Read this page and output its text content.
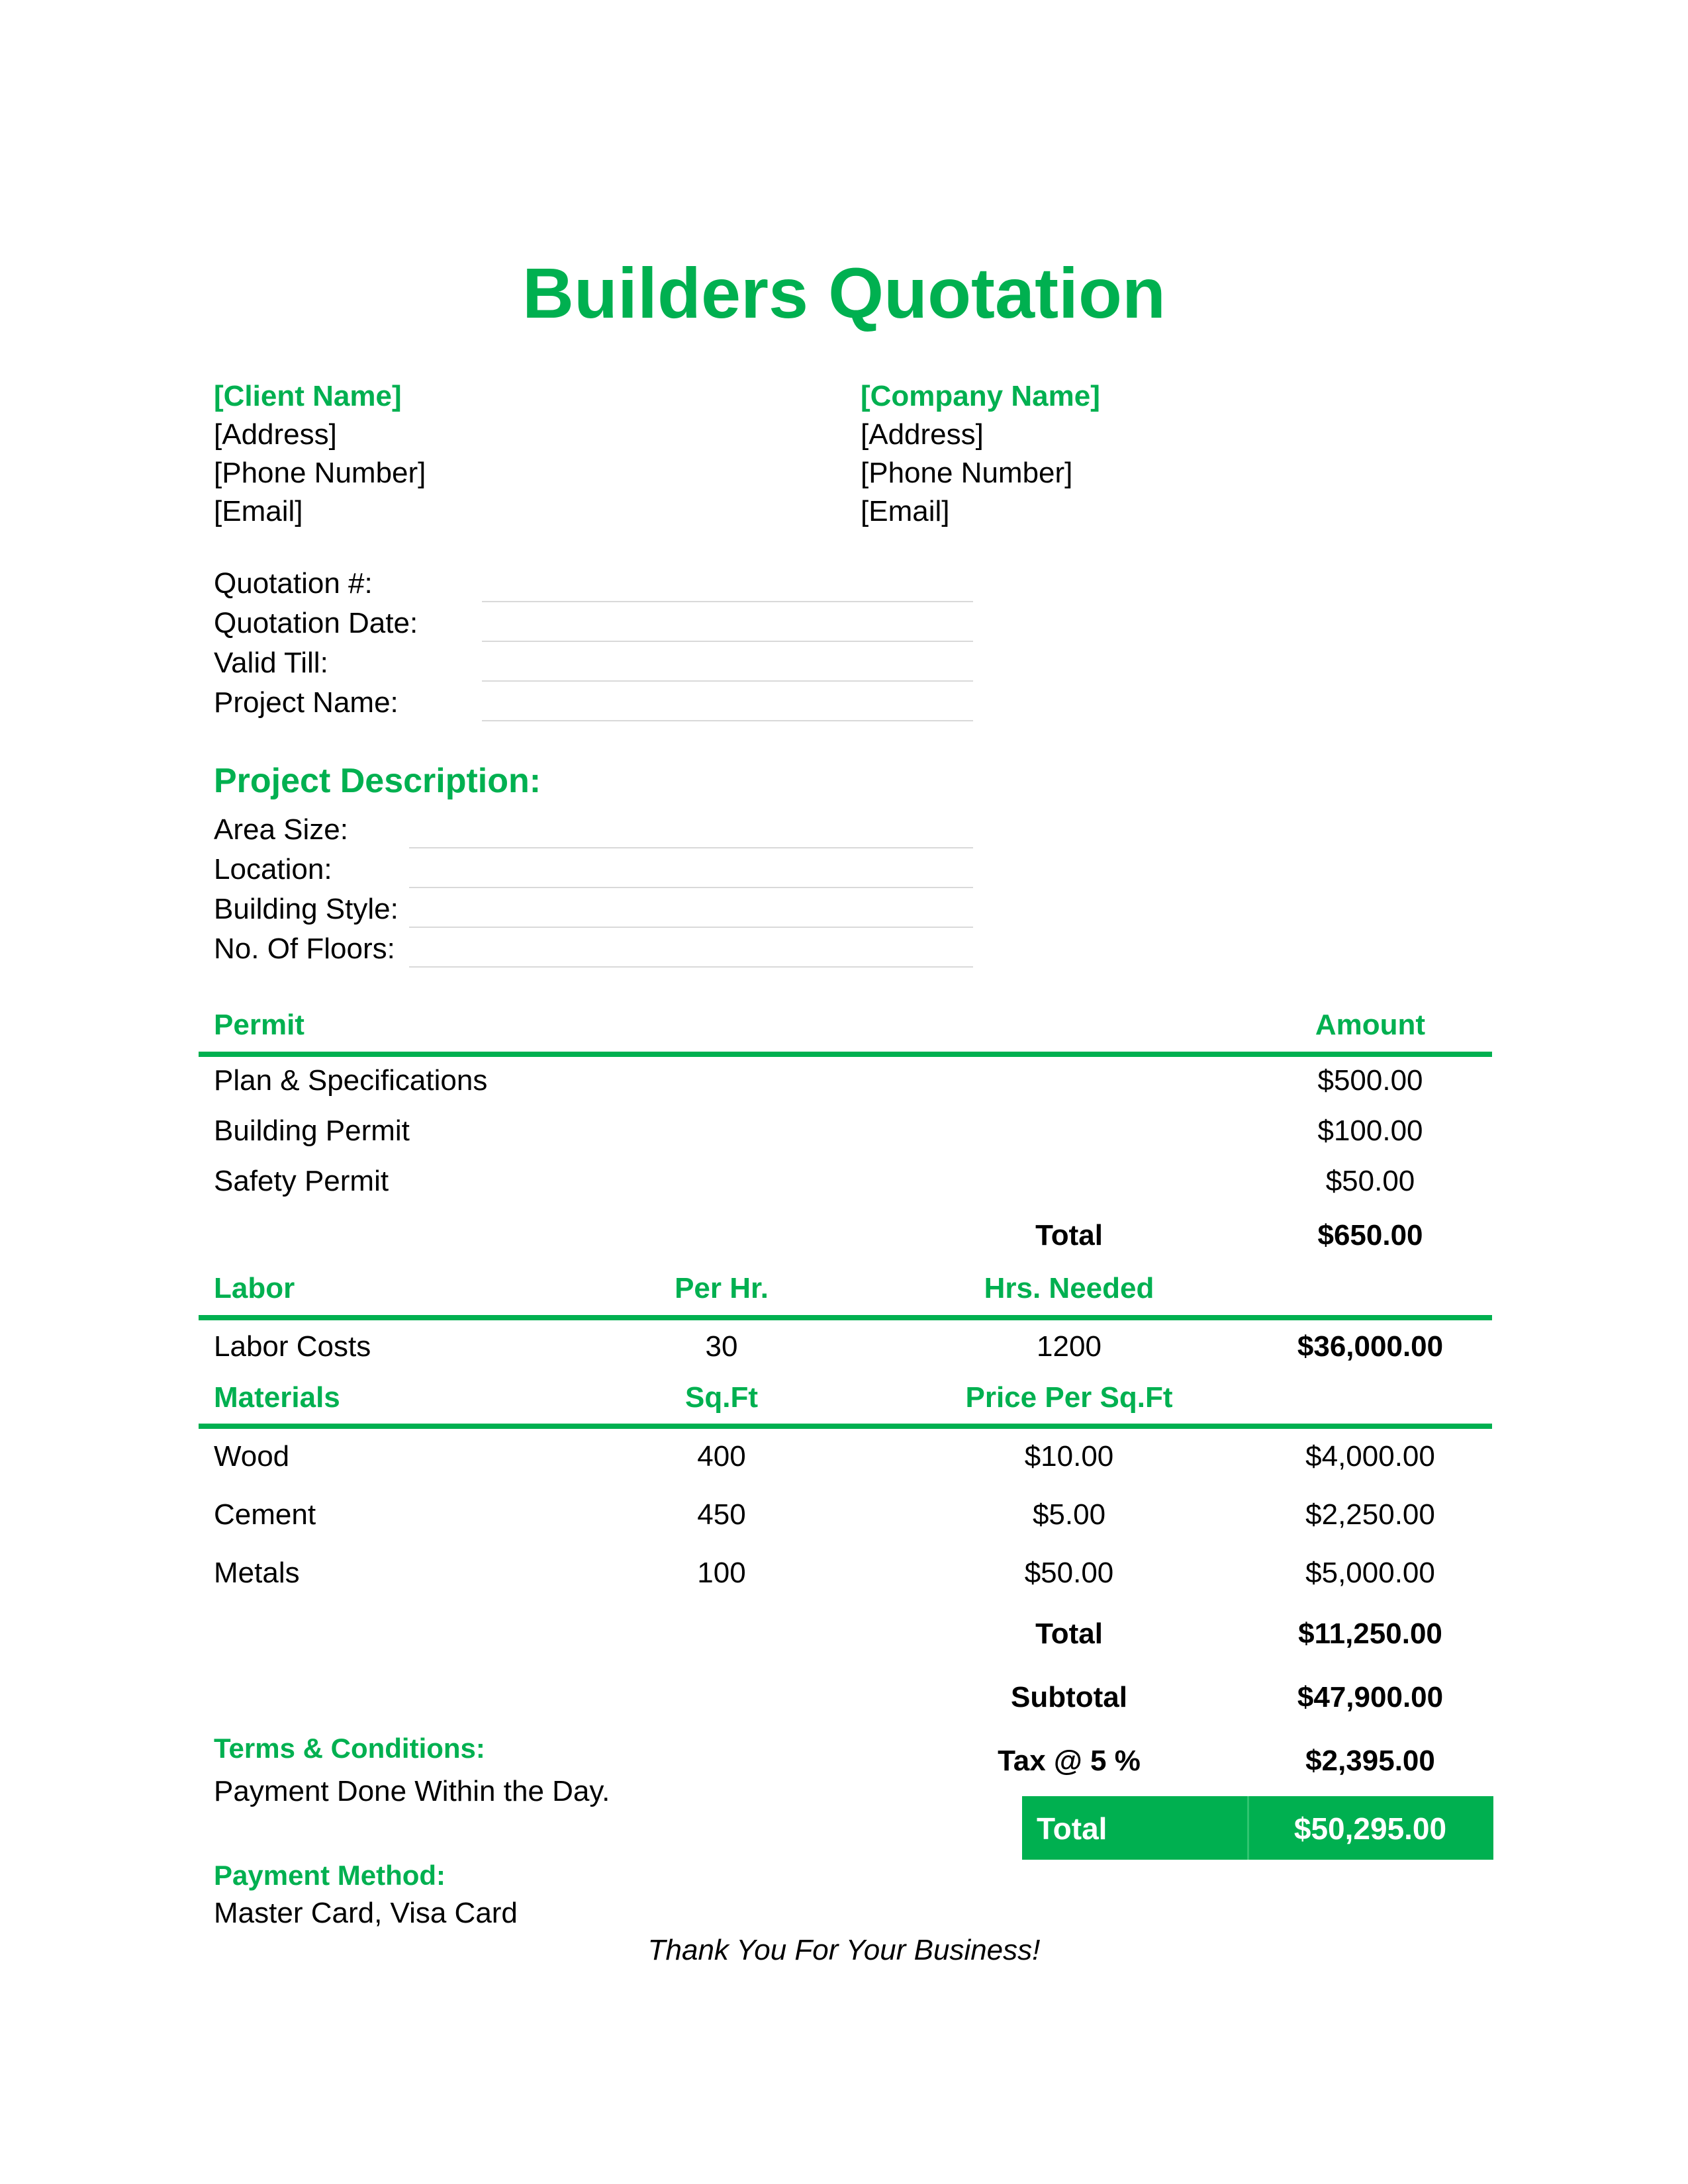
Builders Quotation
[Client Name]
[Address]
[Phone Number]
[Email]
[Company Name]
[Address]
[Phone Number]
[Email]
Quotation #:
Quotation Date:
Valid Till:
Project Name:
Project Description:
Area Size:
Location:
Building Style:
No. Of Floors:
Permit	Amount
Plan & Specifications	$500.00
Building Permit	$100.00
Safety Permit	$50.00
Total	$650.00
Labor	Per Hr.	Hrs. Needed
Labor Costs	30	1200	$36,000.00
Materials	Sq.Ft	Price Per Sq.Ft
Wood	400	$10.00	$4,000.00
Cement	450	$5.00	$2,250.00
Metals	100	$50.00	$5,000.00
Total	$11,250.00
Subtotal	$47,900.00
Tax @ 5 %	$2,395.00
Total	$50,295.00
Terms & Conditions:
Payment Done Within the Day.
Payment Method:
Master Card, Visa Card
Thank You For Your Business!
